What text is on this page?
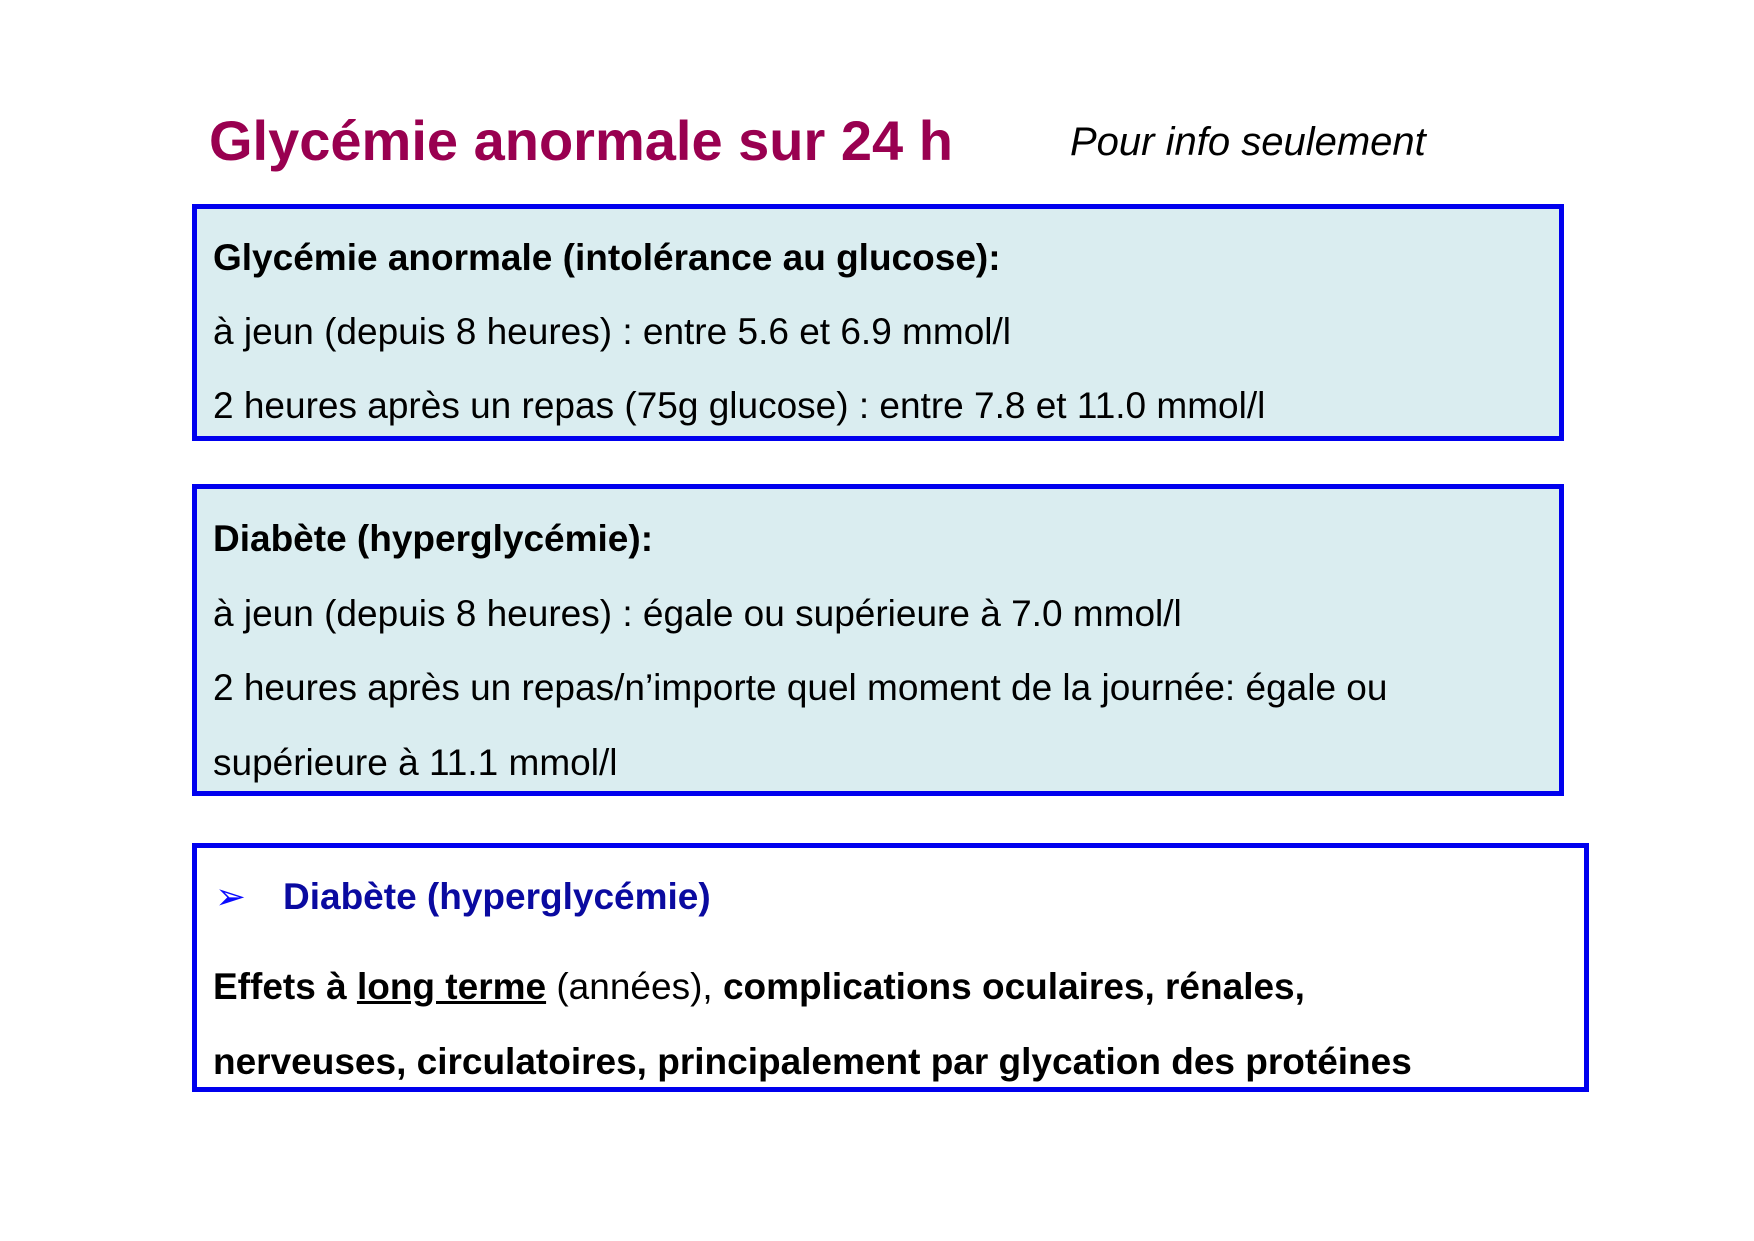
Glycémie anormale sur 24 h	Pour info seulement
Glycémie anormale (intolérance au glucose):
à jeun (depuis 8 heures) : entre 5.6 et 6.9 mmol/l
2 heures après un repas (75g glucose) : entre 7.8 et 11.0 mmol/l
Diabète (hyperglycémie):
à jeun (depuis 8 heures) : égale ou supérieure à 7.0 mmol/l
2 heures après un repas/n’importe quel moment de la journée: égale ou
supérieure à 11.1 mmol/l
➢ Diabète (hyperglycémie)
Effets à long terme (années), complications oculaires, rénales,
nerveuses, circulatoires, principalement par glycation des protéines
